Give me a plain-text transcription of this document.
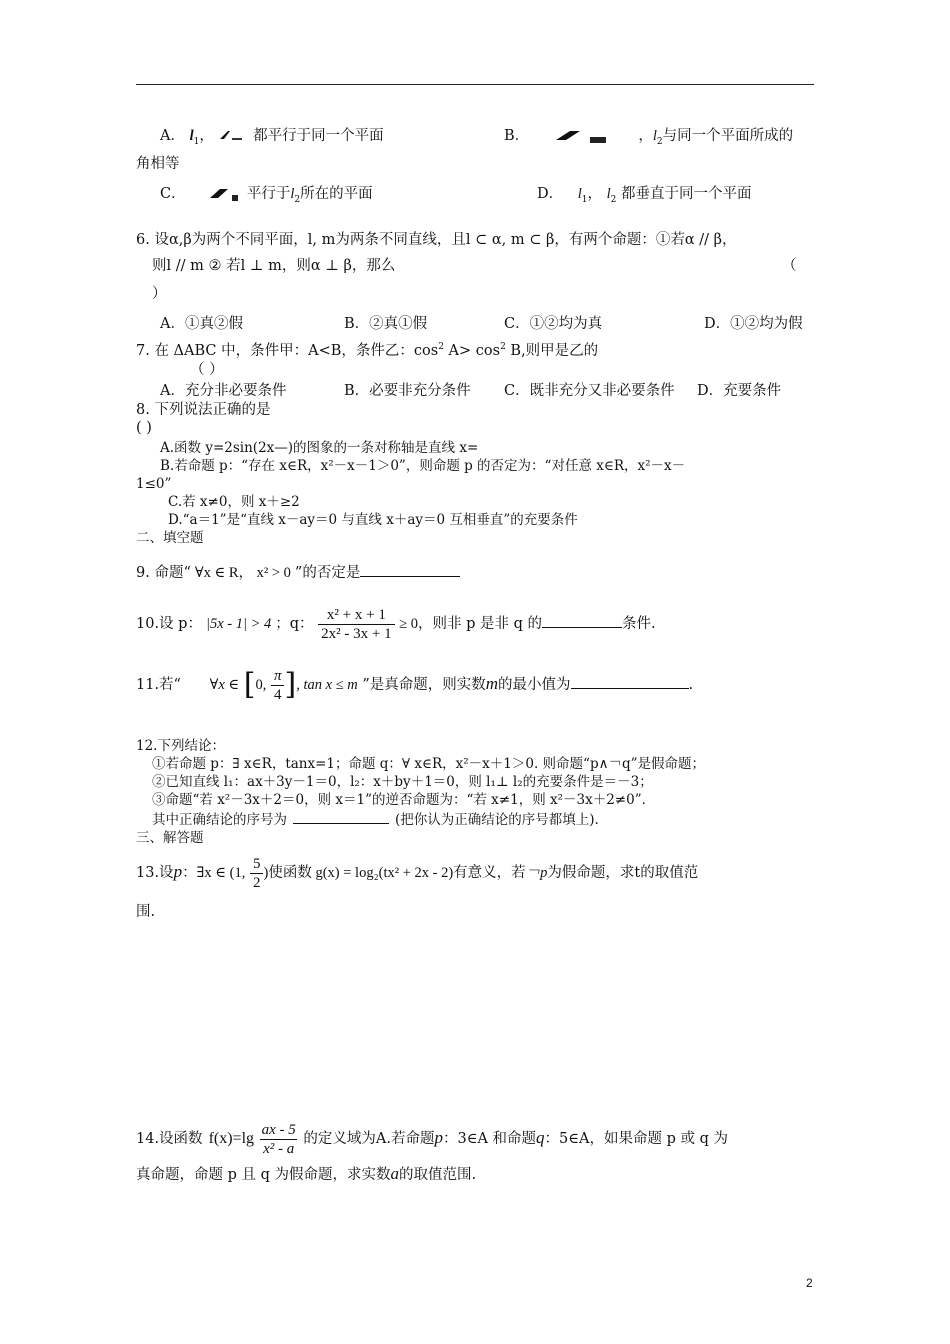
A． $l_1$，  都平行于同一个平面	B．	，$l_2$与同一个平面所成的
角相等
C．	平行于$l_2$所在的平面	D． $l_1$， $l_2$ 都垂直于同一个平面
6. 设α,β为两个不同平面，l, m为两条不同直线，且l ⊂ α, m ⊂ β，有两个命题：①若α // β，
则l // m ② 若l ⊥ m，则α ⊥ β，那么	（
）
A．①真②假	B．②真①假	C．①②均为真	D．①②均为假
7. 在 ΔABC 中，条件甲：A<B，条件乙：$\cos^2 A> \cos^2 B$,则甲是乙的
（ ）
A．充分非必要条件	B．必要非充分条件 C．既非充分又非必要条件 D．充要条件
8. 下列说法正确的是
( )
A.函数 y=2sin(2x—)的图象的一条对称轴是直线 x=
B.若命题 p：“存在 x∈R，x²－x－1＞0”，则命题 p 的否定为：“对任意 x∈R，x²－x－
1≤0”
C.若 x≠0，则 x＋≥2
D.“a＝1”是“直线 x－ay＝0 与直线 x＋ay＝0 互相垂直”的充要条件
二、填空题
9. 命题“ ∀x ∈ R， x² > 0 ”的否定是
10.设 p： |5x - 1| > 4 ；q： $\frac{\text{x² + x + 1}}{\text{2x² - 3x + 1}} \ge 0$，则非 p 是非 q 的	条件.
11.若“ ∀x ∈ [0, $\frac{\pi}{4}$ ], tan x ≤ m ”是真命题，则实数m的最小值为	.
12.下列结论：
①若命题 p：∃ x∈R，tanx=1；命题 q：∀ x∈R，x²－x＋1＞0. 则命题“p∧￢q”是假命题；
②已知直线 l₁：ax＋3y－1＝0，l₂：x＋by＋1＝0，则 l₁⊥ l₂的充要条件是＝－3；
③命题“若 x²－3x＋2＝0，则 x＝1”的逆否命题为：“若 x≠1，则 x²－3x＋2≠0”．
其中正确结论的序号为	(把你认为正确结论的序号都填上).
三、解答题
13.设p：∃x ∈ (1, $\frac{5}{2}$ )使函数 g(x) = log₂(tx² + 2x - 2)有意义，若￢p为假命题，求t的取值范
围.
14.设函数 $f(x)=\lg \frac{ax - 5}{\text{x² - a}}$ 的定义域为A.若命题p：3∈A 和命题q：5∈A，如果命题 p 或 q 为
真命题，命题 p 且 q 为假命题，求实数a的取值范围.
2
